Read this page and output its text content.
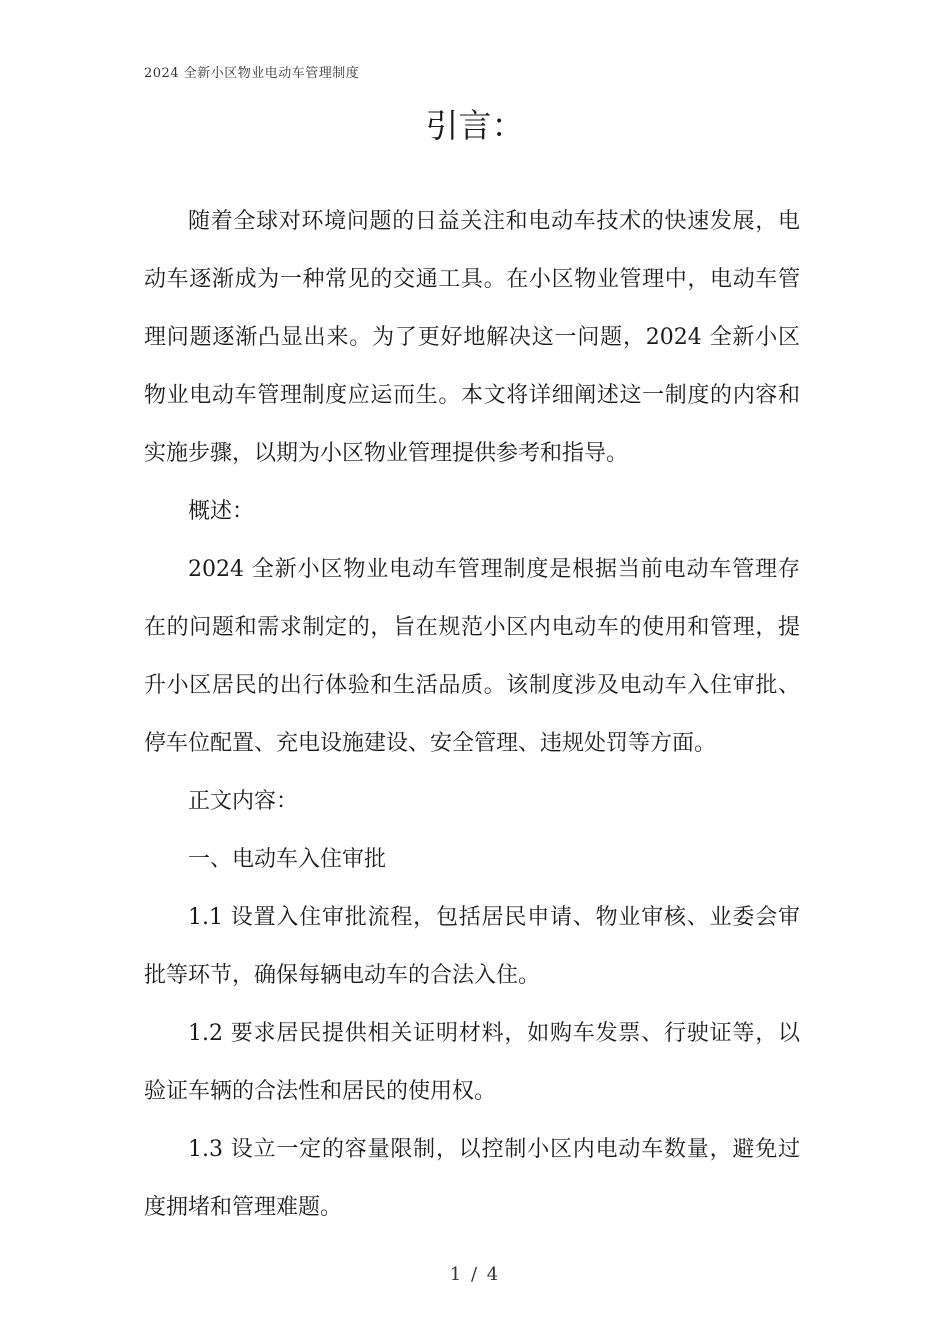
2024 全新小区物业电动车管理制度
引言：

随着全球对环境问题的日益关注和电动车技术的快速发展，电动车逐渐成为一种常见的交通工具。在小区物业管理中，电动车管理问题逐渐凸显出来。为了更好地解决这一问题，2024 全新小区物业电动车管理制度应运而生。本文将详细阐述这一制度的内容和实施步骤，以期为小区物业管理提供参考和指导。

概述：

2024 全新小区物业电动车管理制度是根据当前电动车管理存在的问题和需求制定的，旨在规范小区内电动车的使用和管理，提升小区居民的出行体验和生活品质。该制度涉及电动车入住审批、停车位配置、充电设施建设、安全管理、违规处罚等方面。

正文内容：

一、电动车入住审批

1.1 设置入住审批流程，包括居民申请、物业审核、业委会审批等环节，确保每辆电动车的合法入住。

1.2 要求居民提供相关证明材料，如购车发票、行驶证等，以验证车辆的合法性和居民的使用权。

1.3 设立一定的容量限制，以控制小区内电动车数量，避免过度拥堵和管理难题。

1 / 4
